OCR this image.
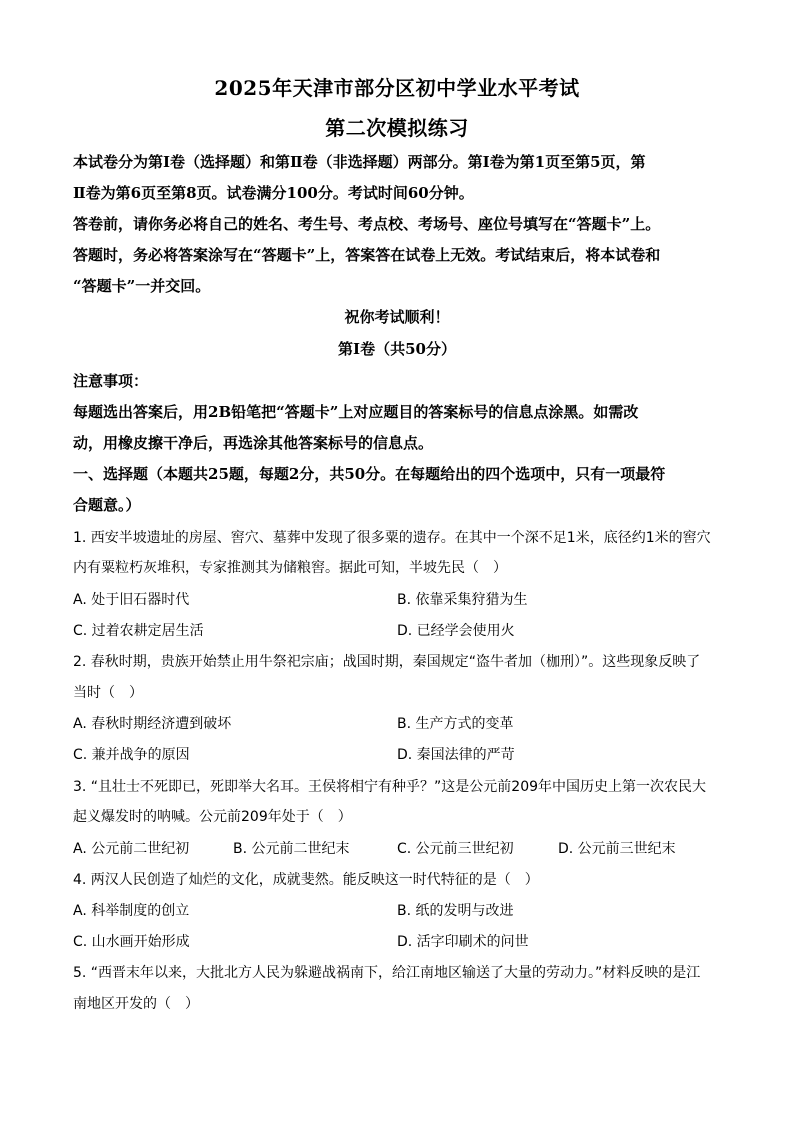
2025年天津市部分区初中学业水平考试
第二次模拟练习
本试卷分为第Ⅰ卷（选择题）和第Ⅱ卷（非选择题）两部分。第Ⅰ卷为第1页至第5页，第
Ⅱ卷为第6页至第8页。试卷满分100分。考试时间60分钟。
答卷前，请你务必将自己的姓名、考生号、考点校、考场号、座位号填写在“答题卡”上。
答题时，务必将答案涂写在“答题卡”上，答案答在试卷上无效。考试结束后，将本试卷和
“答题卡”一并交回。
祝你考试顺利！
第Ⅰ卷（共50分）
注意事项：
每题选出答案后，用2B铅笔把“答题卡”上对应题目的答案标号的信息点涂黑。如需改
动，用橡皮擦干净后，再选涂其他答案标号的信息点。
一、选择题（本题共25题，每题2分，共50分。在每题给出的四个选项中，只有一项最符
合题意。）
1. 西安半坡遗址的房屋、窖穴、墓葬中发现了很多粟的遗存。在其中一个深不足1米，底径约1米的窖穴
内有粟粒朽灰堆积，专家推测其为储粮窖。据此可知，半坡先民（　）
A. 处于旧石器时代	B. 依靠采集狩猎为生
C. 过着农耕定居生活	D. 已经学会使用火
2. 春秋时期，贵族开始禁止用牛祭祀宗庙；战国时期，秦国规定“盗牛者加（枷刑）”。这些现象反映了
当时（　）
A. 春秋时期经济遭到破坏	B. 生产方式的变革
C. 兼并战争的原因	D. 秦国法律的严苛
3. “且壮士不死即已，死即举大名耳。王侯将相宁有种乎？”这是公元前209年中国历史上第一次农民大
起义爆发时的呐喊。公元前209年处于（　）
A. 公元前二世纪初	B. 公元前二世纪末	C. 公元前三世纪初	D. 公元前三世纪末
4. 两汉人民创造了灿烂的文化，成就斐然。能反映这一时代特征的是（　）
A. 科举制度的创立	B. 纸的发明与改进
C. 山水画开始形成	D. 活字印刷术的问世
5. “西晋末年以来，大批北方人民为躲避战祸南下，给江南地区输送了大量的劳动力。”材料反映的是江
南地区开发的（　）
